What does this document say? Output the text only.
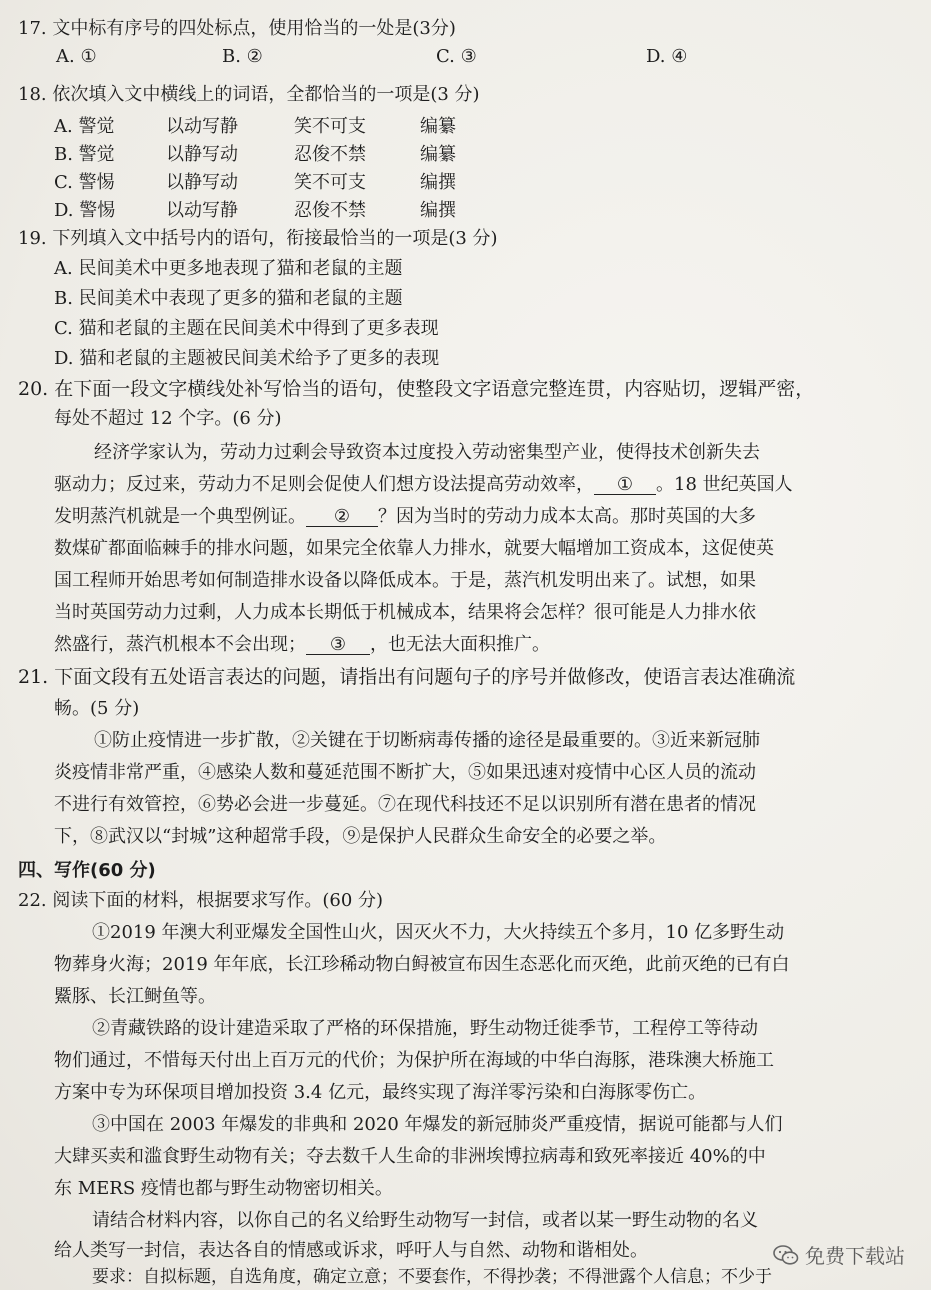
17. 文中标有序号的四处标点，使用恰当的一处是(3分)
A. ①	B. ②	C. ③	D. ④
18. 依次填入文中横线上的词语，全都恰当的一项是(3 分)
A. 警觉	以动写静	笑不可支	编纂
B. 警觉	以静写动	忍俊不禁	编纂
C. 警惕	以静写动	笑不可支	编撰
D. 警惕	以动写静	忍俊不禁	编撰
19. 下列填入文中括号内的语句，衔接最恰当的一项是(3 分)
A. 民间美术中更多地表现了猫和老鼠的主题
B. 民间美术中表现了更多的猫和老鼠的主题
C. 猫和老鼠的主题在民间美术中得到了更多表现
D. 猫和老鼠的主题被民间美术给予了更多的表现
20. 在下面一段文字横线处补写恰当的语句，使整段文字语意完整连贯，内容贴切，逻辑严密，
每处不超过 12 个字。(6 分)
经济学家认为，劳动力过剩会导致资本过度投入劳动密集型产业，使得技术创新失去
驱动力；反过来，劳动力不足则会促使人们想方设法提高劳动效率， ① 。18 世纪英国人
发明蒸汽机就是一个典型例证。 ② ？因为当时的劳动力成本太高。那时英国的大多
数煤矿都面临棘手的排水问题，如果完全依靠人力排水，就要大幅增加工资成本，这促使英
国工程师开始思考如何制造排水设备以降低成本。于是，蒸汽机发明出来了。试想，如果
当时英国劳动力过剩，人力成本长期低于机械成本，结果将会怎样？很可能是人力排水依
然盛行，蒸汽机根本不会出现； ③ ，也无法大面积推广。
21. 下面文段有五处语言表达的问题，请指出有问题句子的序号并做修改，使语言表达准确流
畅。(5 分)
①防止疫情进一步扩散，②关键在于切断病毒传播的途径是最重要的。③近来新冠肺
炎疫情非常严重，④感染人数和蔓延范围不断扩大，⑤如果迅速对疫情中心区人员的流动
不进行有效管控，⑥势必会进一步蔓延。⑦在现代科技还不足以识别所有潜在患者的情况
下，⑧武汉以“封城”这种超常手段，⑨是保护人民群众生命安全的必要之举。
四、写作(60 分)
22. 阅读下面的材料，根据要求写作。(60 分)
①2019 年澳大利亚爆发全国性山火，因灭火不力，大火持续五个多月，10 亿多野生动
物葬身火海；2019 年年底，长江珍稀动物白鲟被宣布因生态恶化而灭绝，此前灭绝的已有白
鱀豚、长江鲥鱼等。
②青藏铁路的设计建造采取了严格的环保措施，野生动物迁徙季节，工程停工等待动
物们通过，不惜每天付出上百万元的代价；为保护所在海域的中华白海豚，港珠澳大桥施工
方案中专为环保项目增加投资 3.4 亿元，最终实现了海洋零污染和白海豚零伤亡。
③中国在 2003 年爆发的非典和 2020 年爆发的新冠肺炎严重疫情，据说可能都与人们
大肆买卖和滥食野生动物有关；夺去数千人生命的非洲埃博拉病毒和致死率接近 40%的中
东 MERS 疫情也都与野生动物密切相关。
请结合材料内容，以你自己的名义给野生动物写一封信，或者以某一野生动物的名义
给人类写一封信，表达各自的情感或诉求，呼吁人与自然、动物和谐相处。
要求：自拟标题，自选角度，确定立意；不要套作，不得抄袭；不得泄露个人信息；不少于
免费下载站
